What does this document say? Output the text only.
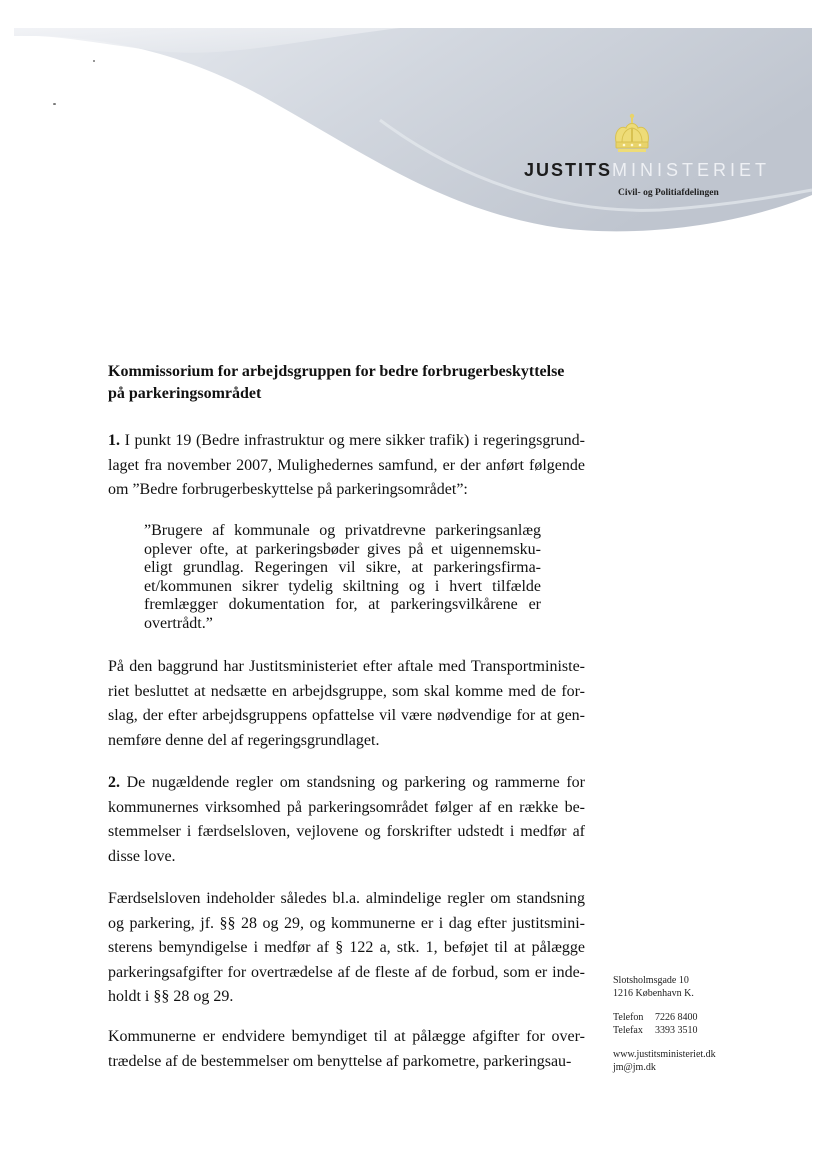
JUSTITSMINISTERIET
Civil- og Politiafdelingen
Kommissorium for arbejdsgruppen for bedre forbrugerbeskyttelse
på parkeringsområdet
1. I punkt 19 (Bedre infrastruktur og mere sikker trafik) i regeringsgrund-laget fra november 2007, Mulighedernes samfund, er der anført følgende om ”Bedre forbrugerbeskyttelse på parkeringsområdet”:
”Brugere af kommunale og privatdrevne parkeringsanlæg oplever ofte, at parkeringsbøder gives på et uigennemsku-eligt grundlag. Regeringen vil sikre, at parkeringsfirma-et/kommunen sikrer tydelig skiltning og i hvert tilfælde fremlægger dokumentation for, at parkeringsvilkårene er overtrådt.”
På den baggrund har Justitsministeriet efter aftale med Transportministe-riet besluttet at nedsætte en arbejdsgruppe, som skal komme med de for-slag, der efter arbejdsgruppens opfattelse vil være nødvendige for at gen-nemføre denne del af regeringsgrundlaget.
2. De nugældende regler om standsning og parkering og rammerne for kommunernes virksomhed på parkeringsområdet følger af en række be-stemmelser i færdselsloven, vejlovene og forskrifter udstedt i medfør af disse love.
Færdselsloven indeholder således bl.a. almindelige regler om standsning og parkering, jf. §§ 28 og 29, og kommunerne er i dag efter justitsmini-sterens bemyndigelse i medfør af § 122 a, stk. 1, beføjet til at pålægge parkeringsafgifter for overtrædelse af de fleste af de forbud, som er inde-holdt i §§ 28 og 29.
Kommunerne er endvidere bemyndiget til at pålægge afgifter for over-trædelse af de bestemmelser om benyttelse af parkometre, parkeringsau-
Slotsholmsgade 10
1216 København K.
Telefon	7226 8400
Telefax	3393 3510
www.justitsministeriet.dk
jm@jm.dk
